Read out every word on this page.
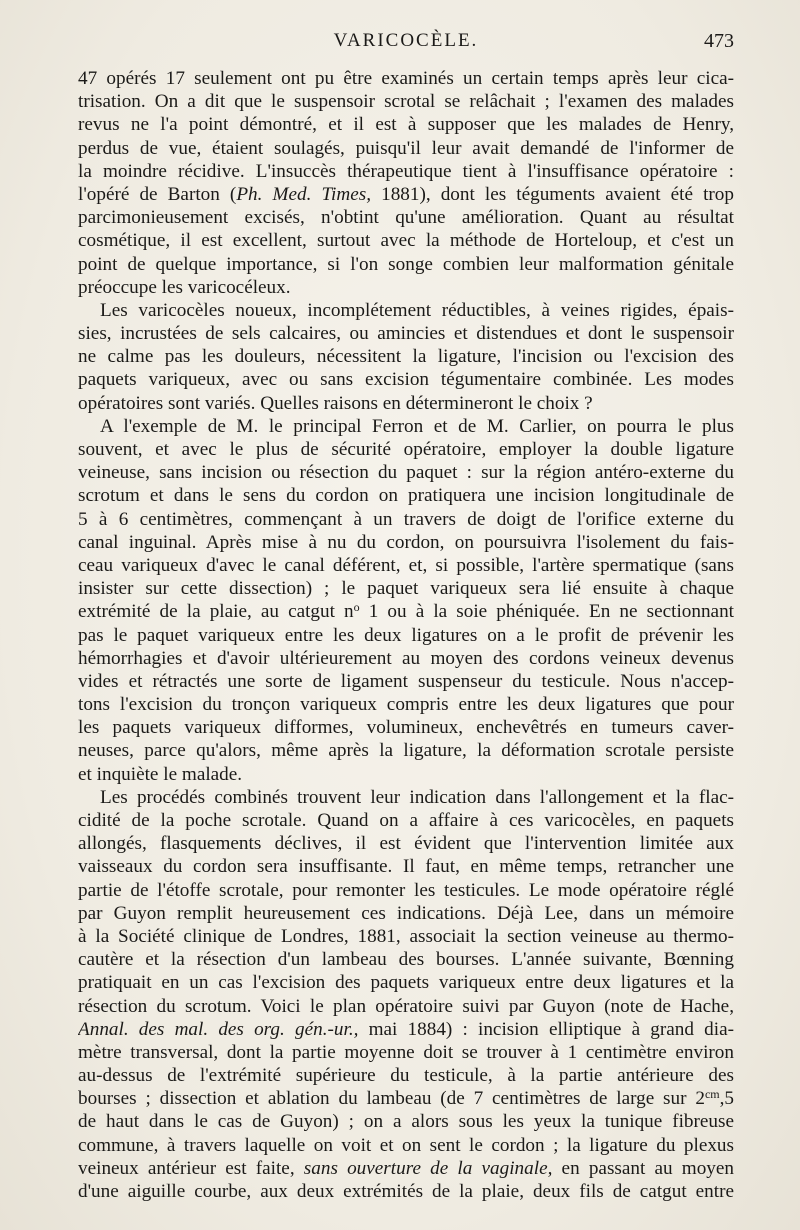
VARICOCÈLE.	473
47 opérés 17 seulement ont pu être examinés un certain temps après leur cica-
trisation. On a dit que le suspensoir scrotal se relâchait ; l'examen des malades
revus ne l'a point démontré, et il est à supposer que les malades de Henry,
perdus de vue, étaient soulagés, puisqu'il leur avait demandé de l'informer de
la moindre récidive. L'insuccès thérapeutique tient à l'insuffisance opératoire :
l'opéré de Barton (Ph. Med. Times, 1881), dont les téguments avaient été trop
parcimonieusement excisés, n'obtint qu'une amélioration. Quant au résultat
cosmétique, il est excellent, surtout avec la méthode de Horteloup, et c'est un
point de quelque importance, si l'on songe combien leur malformation génitale
préoccupe les varicocéleux.
Les varicocèles noueux, incomplétement réductibles, à veines rigides, épais-
sies, incrustées de sels calcaires, ou amincies et distendues et dont le suspensoir
ne calme pas les douleurs, nécessitent la ligature, l'incision ou l'excision des
paquets variqueux, avec ou sans excision tégumentaire combinée. Les modes
opératoires sont variés. Quelles raisons en détermineront le choix ?
A l'exemple de M. le principal Ferron et de M. Carlier, on pourra le plus
souvent, et avec le plus de sécurité opératoire, employer la double ligature
veineuse, sans incision ou résection du paquet : sur la région antéro-externe du
scrotum et dans le sens du cordon on pratiquera une incision longitudinale de
5 à 6 centimètres, commençant à un travers de doigt de l'orifice externe du
canal inguinal. Après mise à nu du cordon, on poursuivra l'isolement du fais-
ceau variqueux d'avec le canal déférent, et, si possible, l'artère spermatique (sans
insister sur cette dissection) ; le paquet variqueux sera lié ensuite à chaque
extrémité de la plaie, au catgut $n^o$ 1 ou à la soie phéniquée. En ne sectionnant
pas le paquet variqueux entre les deux ligatures on a le profit de prévenir les
hémorrhagies et d'avoir ultérieurement au moyen des cordons veineux devenus
vides et rétractés une sorte de ligament suspenseur du testicule. Nous n'accep-
tons l'excision du tronçon variqueux compris entre les deux ligatures que pour
les paquets variqueux difformes, volumineux, enchevêtrés en tumeurs caver-
neuses, parce qu'alors, même après la ligature, la déformation scrotale persiste
et inquiète le malade.
Les procédés combinés trouvent leur indication dans l'allongement et la flac-
cidité de la poche scrotale. Quand on a affaire à ces varicocèles, en paquets
allongés, flasquements déclives, il est évident que l'intervention limitée aux
vaisseaux du cordon sera insuffisante. Il faut, en même temps, retrancher une
partie de l'étoffe scrotale, pour remonter les testicules. Le mode opératoire réglé
par Guyon remplit heureusement ces indications. Déjà Lee, dans un mémoire
à la Société clinique de Londres, 1881, associait la section veineuse au thermo-
cautère et la résection d'un lambeau des bourses. L'année suivante, Bœnning
pratiquait en un cas l'excision des paquets variqueux entre deux ligatures et la
résection du scrotum. Voici le plan opératoire suivi par Guyon (note de Hache,
Annal. des mal. des org. gén.-ur., mai 1884) : incision elliptique à grand dia-
mètre transversal, dont la partie moyenne doit se trouver à 1 centimètre environ
au-dessus de l'extrémité supérieure du testicule, à la partie antérieure des
bourses ; dissection et ablation du lambeau (de 7 centimètres de large sur $2^{cm},5$
de haut dans le cas de Guyon) ; on a alors sous les yeux la tunique fibreuse
commune, à travers laquelle on voit et on sent le cordon ; la ligature du plexus
veineux antérieur est faite, sans ouverture de la vaginale, en passant au moyen
d'une aiguille courbe, aux deux extrémités de la plaie, deux fils de catgut entre
